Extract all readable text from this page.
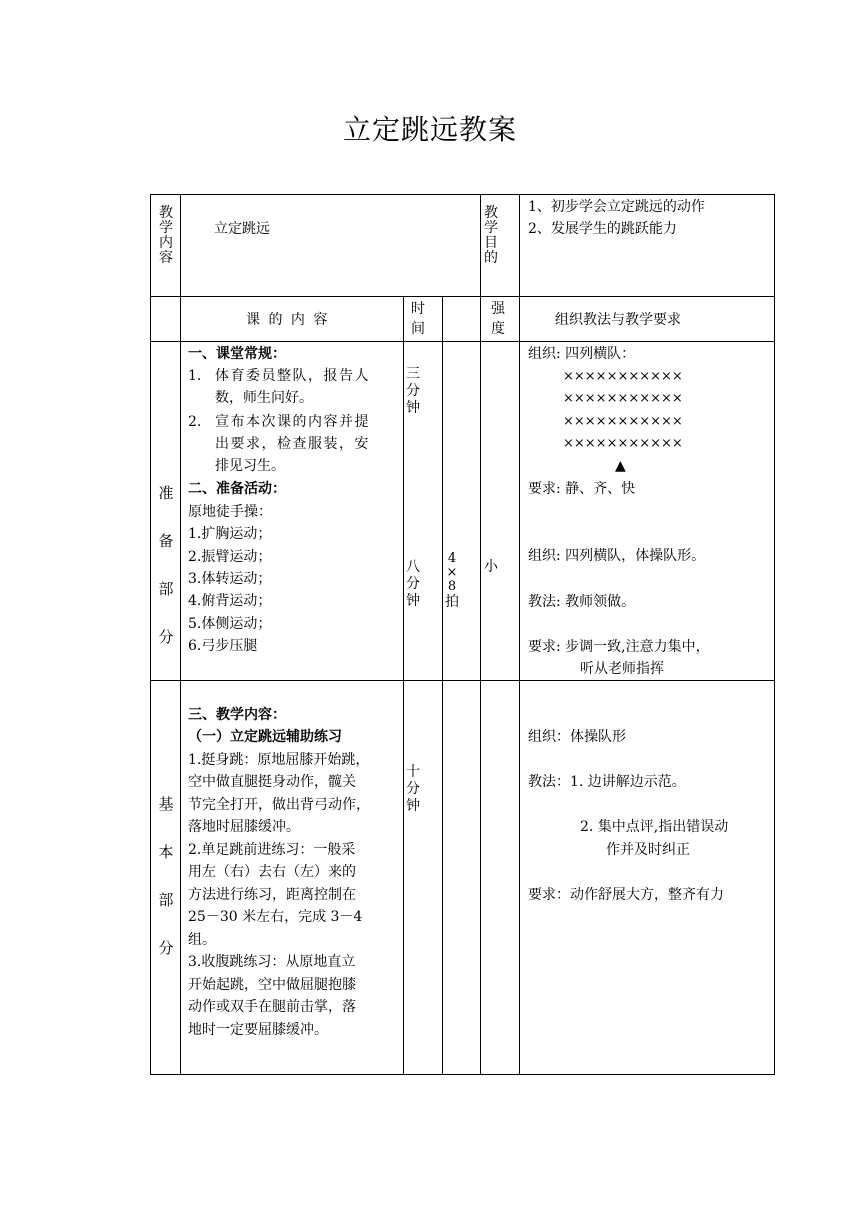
立定跳远教案
教
学
内
容
立定跳远
教
学
目
的
1、初步学会立定跳远的动作
2、发展学生的跳跃能力
课 的 内 容
时
间
强
度
组织教法与教学要求
准
备
部
分
一、课堂常规：
1． 体育委员整队，报告人
数，师生问好。
2． 宣布本次课的内容并提
出要求，检查服装，安
排见习生。
二、准备活动：
原地徒手操：
1.扩胸运动；
2.振臂运动；
3.体转运动；
4.俯背运动；
5.体侧运动；
6.弓步压腿
三
分
钟
八
分
钟
4
×
8
拍
小
组织: 四列横队：
×××××××××××
×××××××××××
×××××××××××
×××××××××××
▲
要求: 静、齐、快
组织: 四列横队，体操队形。
教法: 教师领做。
要求: 步调一致,注意力集中，
听从老师指挥
基
本
部
分
三、教学内容：
（一）立定跳远辅助练习
1.挺身跳：原地屈膝开始跳，
空中做直腿挺身动作，髋关
节完全打开，做出背弓动作，
落地时屈膝缓冲。
2.单足跳前进练习：一般采
用左（右）去右（左）来的
方法进行练习，距离控制在
25－30 米左右，完成 3－4
组。
3.收腹跳练习：从原地直立
开始起跳，空中做屈腿抱膝
动作或双手在腿前击掌，落
地时一定要屈膝缓冲。
十
分
钟
组织：体操队形
教法：1. 边讲解边示范。
2. 集中点评,指出错误动
作并及时纠正
要求：动作舒展大方，整齐有力
